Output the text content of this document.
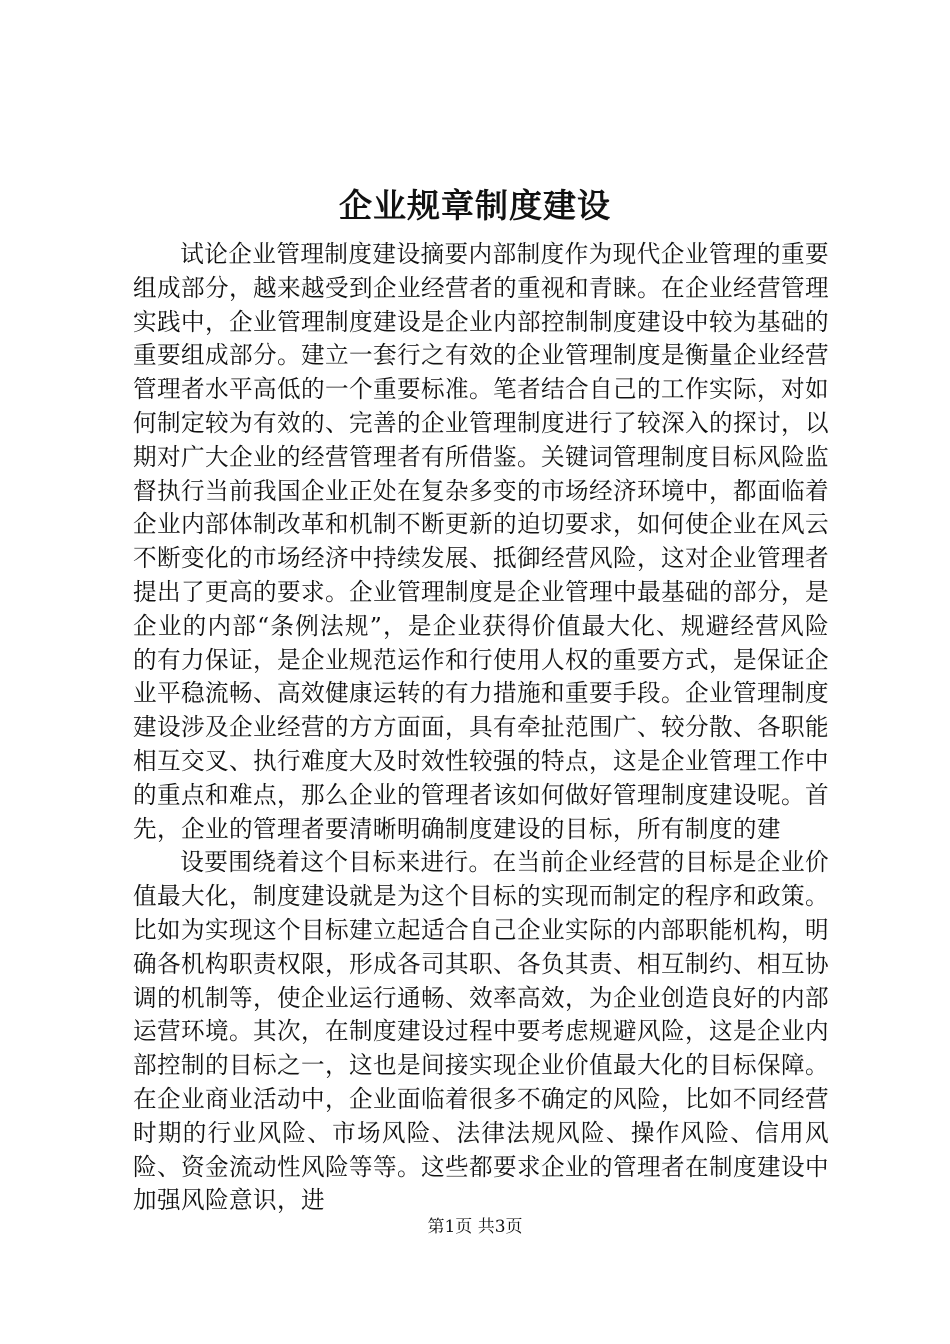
企业规章制度建设

试论企业管理制度建设摘要内部制度作为现代企业管理的重要组成部分，越来越受到企业经营者的重视和青睐。在企业经营管理实践中，企业管理制度建设是企业内部控制制度建设中较为基础的重要组成部分。建立一套行之有效的企业管理制度是衡量企业经营管理者水平高低的一个重要标准。笔者结合自己的工作实际，对如何制定较为有效的、完善的企业管理制度进行了较深入的探讨，以期对广大企业的经营管理者有所借鉴。关键词管理制度目标风险监督执行当前我国企业正处在复杂多变的市场经济环境中，都面临着企业内部体制改革和机制不断更新的迫切要求，如何使企业在风云不断变化的市场经济中持续发展、抵御经营风险，这对企业管理者提出了更高的要求。企业管理制度是企业管理中最基础的部分，是企业的内部“条例法规”，是企业获得价值最大化、规避经营风险的有力保证，是企业规范运作和行使用人权的重要方式，是保证企业平稳流畅、高效健康运转的有力措施和重要手段。企业管理制度建设涉及企业经营的方方面面，具有牵扯范围广、较分散、各职能相互交叉、执行难度大及时效性较强的特点，这是企业管理工作中的重点和难点，那么企业的管理者该如何做好管理制度建设呢。首先，企业的管理者要清晰明确制度建设的目标，所有制度的建

设要围绕着这个目标来进行。在当前企业经营的目标是企业价值最大化，制度建设就是为这个目标的实现而制定的程序和政策。比如为实现这个目标建立起适合自己企业实际的内部职能机构，明确各机构职责权限，形成各司其职、各负其责、相互制约、相互协调的机制等，使企业运行通畅、效率高效，为企业创造良好的内部运营环境。其次，在制度建设过程中要考虑规避风险，这是企业内部控制的目标之一，这也是间接实现企业价值最大化的目标保障。在企业商业活动中，企业面临着很多不确定的风险，比如不同经营时期的行业风险、市场风险、法律法规风险、操作风险、信用风险、资金流动性风险等等。这些都要求企业的管理者在制度建设中加强风险意识，进

第1页 共3页
